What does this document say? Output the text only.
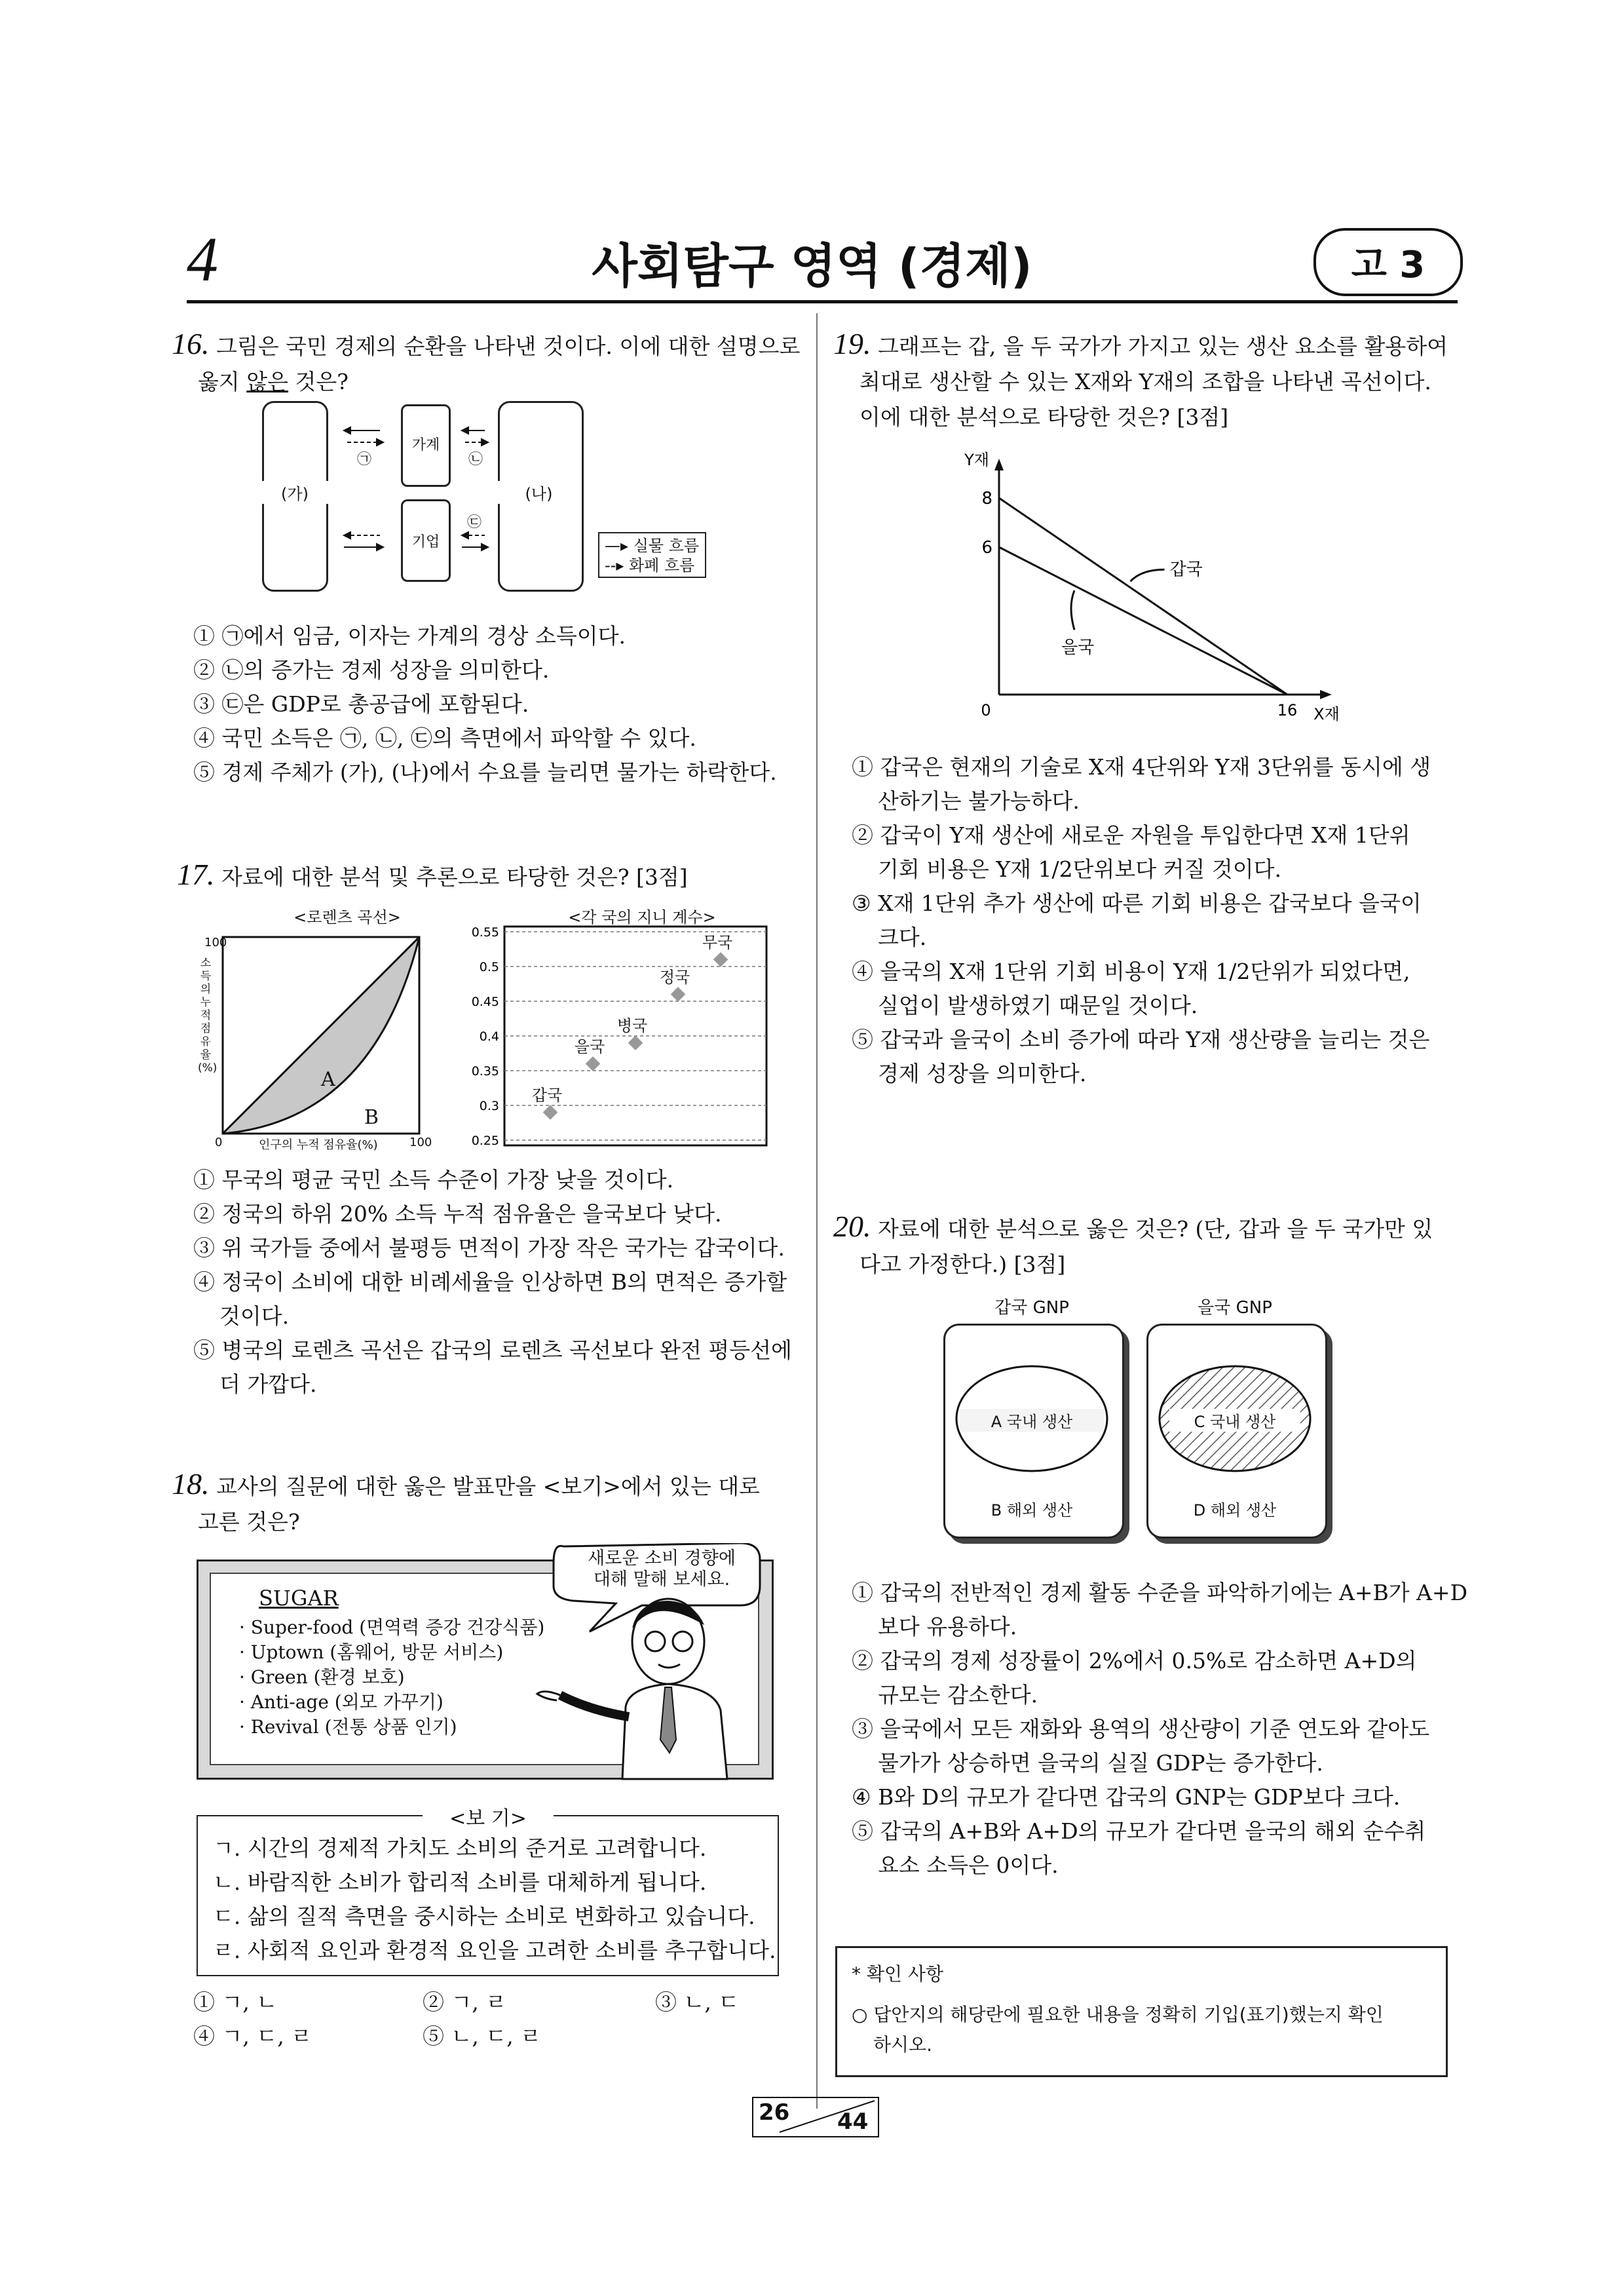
4	사회탐구 영역 (경제)	고 3
16. 그림은 국민 경제의 순환을 나타낸 것이다. 이에 대한 설명으로
옳지 않은 것은?
(가)	(나)
가계
기업
㉠	㉡
㉢
—▸ 실물 흐름
--▸ 화폐 흐름
① ㉠에서 임금, 이자는 가계의 경상 소득이다.
② ㉡의 증가는 경제 성장을 의미한다.
③ ㉢은 GDP로 총공급에 포함된다.
④ 국민 소득은 ㉠, ㉡, ㉢의 측면에서 파악할 수 있다.
⑤ 경제 주체가 (가), (나)에서 수요를 늘리면 물가는 하락한다.
17. 자료에 대한 분석 및 추론으로 타당한 것은? [3점]
<로렌츠 곡선>
100
0	100
인구의 누적 점유율(%)
소득의 누적 점유율(%)	A
B
<각 국의 지니 계수>
0.55
0.5
0.45
0.4
0.35
0.3
0.25
갑국
을국
병국
정국
무국
① 무국의 평균 국민 소득 수준이 가장 낮을 것이다.
② 정국의 하위 20% 소득 누적 점유율은 을국보다 낮다.
③ 위 국가들 중에서 불평등 면적이 가장 작은 국가는 갑국이다.
④ 정국이 소비에 대한 비례세율을 인상하면 B의 면적은 증가할
것이다.
⑤ 병국의 로렌츠 곡선은 갑국의 로렌츠 곡선보다 완전 평등선에
더 가깝다.
18. 교사의 질문에 대한 옳은 발표만을 <보기>에서 있는 대로
고른 것은?
SUGAR
· Super-food (면역력 증강 건강식품)
· Uptown (홈웨어, 방문 서비스)
· Green (환경 보호)
· Anti-age (외모 가꾸기)
· Revival (전통 상품 인기)
새로운 소비 경향에
대해 말해 보세요.
<보 기>
ㄱ. 시간의 경제적 가치도 소비의 준거로 고려합니다.
ㄴ. 바람직한 소비가 합리적 소비를 대체하게 됩니다.
ㄷ. 삶의 질적 측면을 중시하는 소비로 변화하고 있습니다.
ㄹ. 사회적 요인과 환경적 요인을 고려한 소비를 추구합니다.
① ㄱ, ㄴ	② ㄱ, ㄹ	③ ㄴ, ㄷ
④ ㄱ, ㄷ, ㄹ	⑤ ㄴ, ㄷ, ㄹ
19. 그래프는 갑, 을 두 국가가 가지고 있는 생산 요소를 활용하여
최대로 생산할 수 있는 X재와 Y재의 조합을 나타낸 곡선이다.
이에 대한 분석으로 타당한 것은? [3점]
Y재
X재
0	16
8
6
갑국
을국
① 갑국은 현재의 기술로 X재 4단위와 Y재 3단위를 동시에 생
산하기는 불가능하다.
② 갑국이 Y재 생산에 새로운 자원을 투입한다면 X재 1단위
기회 비용은 Y재 1/2단위보다 커질 것이다.
③ X재 1단위 추가 생산에 따른 기회 비용은 갑국보다 을국이
크다.
④ 을국의 X재 1단위 기회 비용이 Y재 1/2단위가 되었다면,
실업이 발생하였기 때문일 것이다.
⑤ 갑국과 을국이 소비 증가에 따라 Y재 생산량을 늘리는 것은
경제 성장을 의미한다.
20. 자료에 대한 분석으로 옳은 것은? (단, 갑과 을 두 국가만 있
다고 가정한다.) [3점]
갑국 GNP	을국 GNP
A 국내 생산	C 국내 생산
B 해외 생산	D 해외 생산
① 갑국의 전반적인 경제 활동 수준을 파악하기에는 A+B가 A+D
보다 유용하다.
② 갑국의 경제 성장률이 2%에서 0.5%로 감소하면 A+D의
규모는 감소한다.
③ 을국에서 모든 재화와 용역의 생산량이 기준 연도와 같아도
물가가 상승하면 을국의 실질 GDP는 증가한다.
④ B와 D의 규모가 같다면 갑국의 GNP는 GDP보다 크다.
⑤ 갑국의 A+B와 A+D의 규모가 같다면 을국의 해외 순수취
요소 소득은 0이다.
* 확인 사항
○ 답안지의 해당란에 필요한 내용을 정확히 기입(표기)했는지 확인
하시오.
26 44
